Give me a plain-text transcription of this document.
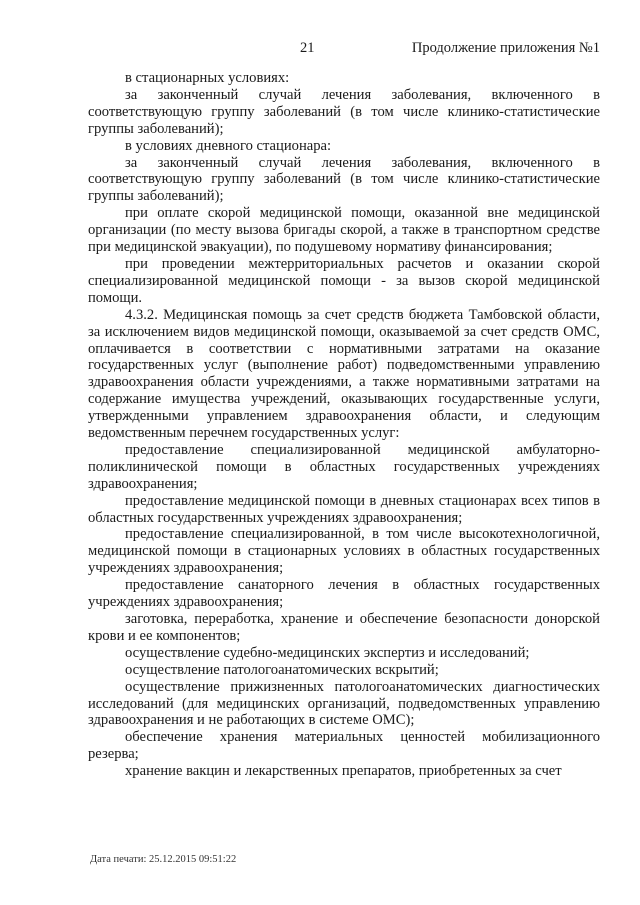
21	Продолжение приложения №1

в стационарных условиях:

за законченный случай лечения заболевания, включенного в соответствующую группу заболеваний (в том числе клинико-статистические группы заболеваний);

в условиях дневного стационара:

за законченный случай лечения заболевания, включенного в соответствующую группу заболеваний (в том числе клинико-статистические группы заболеваний);

при оплате скорой медицинской помощи, оказанной вне медицинской организации (по месту вызова бригады скорой, а также в транспортном средстве при медицинской эвакуации), по подушевому нормативу финансирования;

при проведении межтерриториальных расчетов и оказании скорой специализированной медицинской помощи - за вызов скорой медицинской помощи.

4.3.2. Медицинская помощь за счет средств бюджета Тамбовской области, за исключением видов медицинской помощи, оказываемой за счет средств ОМС, оплачивается в соответствии с нормативными затратами на оказание государственных услуг (выполнение работ) подведомственными управлению здравоохранения области учреждениями, а также нормативными затратами на содержание имущества учреждений, оказывающих государственные услуги, утвержденными управлением здравоохранения области, и следующим ведомственным перечнем государственных услуг:

предоставление специализированной медицинской амбулаторно-поликлинической помощи в областных государственных учреждениях здравоохранения;

предоставление медицинской помощи в дневных стационарах всех типов в областных государственных учреждениях здравоохранения;

предоставление специализированной, в том числе высокотехнологичной, медицинской помощи в стационарных условиях в областных государственных учреждениях здравоохранения;

предоставление санаторного лечения в областных государственных учреждениях здравоохранения;

заготовка, переработка, хранение и обеспечение безопасности донорской крови и ее компонентов;

осуществление судебно-медицинских экспертиз и исследований;

осуществление патологоанатомических вскрытий;

осуществление прижизненных патологоанатомических диагностических исследований (для медицинских организаций, подведомственных управлению здравоохранения и не работающих в системе ОМС);

обеспечение хранения материальных ценностей мобилизационного резерва;

хранение вакцин и лекарственных препаратов, приобретенных за счет

Дата печати: 25.12.2015 09:51:22
